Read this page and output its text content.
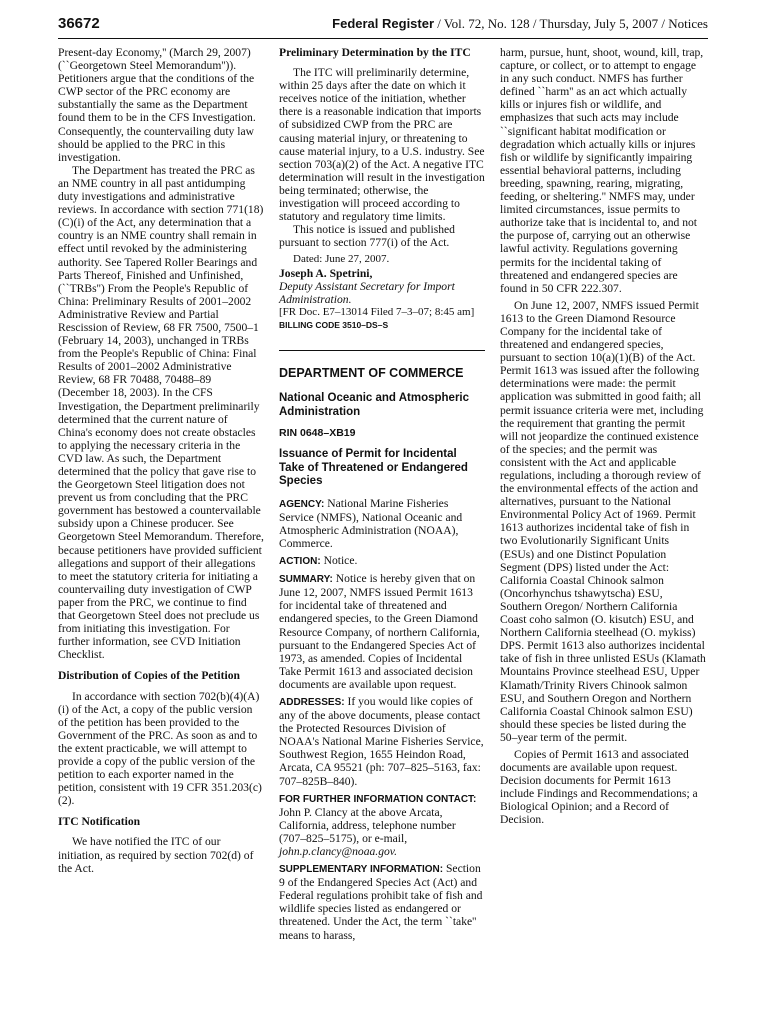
36672	Federal Register / Vol. 72, No. 128 / Thursday, July 5, 2007 / Notices

Present-day Economy,'' (March 29, 2007) (``Georgetown Steel Memorandum'')). Petitioners argue that the conditions of the CWP sector of the PRC economy are substantially the same as the Department found them to be in the CFS Investigation. Consequently, the countervailing duty law should be applied to the PRC in this investigation.

The Department has treated the PRC as an NME country in all past antidumping duty investigations and administrative reviews. In accordance with section 771(18)(C)(i) of the Act, any determination that a country is an NME country shall remain in effect until revoked by the administering authority. See Tapered Roller Bearings and Parts Thereof, Finished and Unfinished, (``TRBs'') From the People's Republic of China: Preliminary Results of 2001–2002 Administrative Review and Partial Rescission of Review, 68 FR 7500, 7500–1 (February 14, 2003), unchanged in TRBs from the People's Republic of China: Final Results of 2001–2002 Administrative Review, 68 FR 70488, 70488–89 (December 18, 2003). In the CFS Investigation, the Department preliminarily determined that the current nature of China's economy does not create obstacles to applying the necessary criteria in the CVD law. As such, the Department determined that the policy that gave rise to the Georgetown Steel litigation does not prevent us from concluding that the PRC government has bestowed a countervailable subsidy upon a Chinese producer. See Georgetown Steel Memorandum. Therefore, because petitioners have provided sufficient allegations and support of their allegations to meet the statutory criteria for initiating a countervailing duty investigation of CWP paper from the PRC, we continue to find that Georgetown Steel does not preclude us from initiating this investigation. For further information, see CVD Initiation Checklist.

Distribution of Copies of the Petition

In accordance with section 702(b)(4)(A)(i) of the Act, a copy of the public version of the petition has been provided to the Government of the PRC. As soon as and to the extent practicable, we will attempt to provide a copy of the public version of the petition to each exporter named in the petition, consistent with 19 CFR 351.203(c)(2).

ITC Notification

We have notified the ITC of our initiation, as required by section 702(d) of the Act.

Preliminary Determination by the ITC

The ITC will preliminarily determine, within 25 days after the date on which it receives notice of the initiation, whether there is a reasonable indication that imports of subsidized CWP from the PRC are causing material injury, or threatening to cause material injury, to a U.S. industry. See section 703(a)(2) of the Act. A negative ITC determination will result in the investigation being terminated; otherwise, the investigation will proceed according to statutory and regulatory time limits.

This notice is issued and published pursuant to section 777(i) of the Act.

Dated: June 27, 2007.

Joseph A. Spetrini,

Deputy Assistant Secretary for Import Administration.

[FR Doc. E7–13014 Filed 7–3–07; 8:45 am]

BILLING CODE 3510–DS–S

DEPARTMENT OF COMMERCE
National Oceanic and Atmospheric Administration
RIN 0648–XB19
Issuance of Permit for Incidental Take of Threatened or Endangered Species

AGENCY: National Marine Fisheries Service (NMFS), National Oceanic and Atmospheric Administration (NOAA), Commerce.

ACTION: Notice.

SUMMARY: Notice is hereby given that on June 12, 2007, NMFS issued Permit 1613 for incidental take of threatened and endangered species, to the Green Diamond Resource Company, of northern California, pursuant to the Endangered Species Act of 1973, as amended. Copies of Incidental Take Permit 1613 and associated decision documents are available upon request.

ADDRESSES: If you would like copies of any of the above documents, please contact the Protected Resources Division of NOAA's National Marine Fisheries Service, Southwest Region, 1655 Heindon Road, Arcata, CA 95521 (ph: 707–825–5163, fax: 707–825B–840).

FOR FURTHER INFORMATION CONTACT: John P. Clancy at the above Arcata, California, address, telephone number (707–825–5175), or e-mail, john.p.clancy@noaa.gov.

SUPPLEMENTARY INFORMATION: Section 9 of the Endangered Species Act (Act) and Federal regulations prohibit take of fish and wildlife species listed as endangered or threatened. Under the Act, the term ``take'' means to harass,

harm, pursue, hunt, shoot, wound, kill, trap, capture, or collect, or to attempt to engage in any such conduct. NMFS has further defined ``harm'' as an act which actually kills or injures fish or wildlife, and emphasizes that such acts may include ``significant habitat modification or degradation which actually kills or injures fish or wildlife by significantly impairing essential behavioral patterns, including breeding, spawning, rearing, migrating, feeding, or sheltering.'' NMFS may, under limited circumstances, issue permits to authorize take that is incidental to, and not the purpose of, carrying out an otherwise lawful activity. Regulations governing permits for the incidental taking of threatened and endangered species are found in 50 CFR 222.307.

On June 12, 2007, NMFS issued Permit 1613 to the Green Diamond Resource Company for the incidental take of threatened and endangered species, pursuant to section 10(a)(1)(B) of the Act. Permit 1613 was issued after the following determinations were made: the permit application was submitted in good faith; all permit issuance criteria were met, including the requirement that granting the permit will not jeopardize the continued existence of the species; and the permit was consistent with the Act and applicable regulations, including a thorough review of the environmental effects of the action and alternatives, pursuant to the National Environmental Policy Act of 1969. Permit 1613 authorizes incidental take of fish in two Evolutionarily Significant Units (ESUs) and one Distinct Population Segment (DPS) listed under the Act: California Coastal Chinook salmon (Oncorhynchus tshawytscha) ESU, Southern Oregon/ Northern California Coast coho salmon (O. kisutch) ESU, and Northern California steelhead (O. mykiss) DPS. Permit 1613 also authorizes incidental take of fish in three unlisted ESUs (Klamath Mountains Province steelhead ESU, Upper Klamath/Trinity Rivers Chinook salmon ESU, and Southern Oregon and Northern California Coastal Chinook salmon ESU) should these species be listed during the 50–year term of the permit.

Copies of Permit 1613 and associated documents are available upon request. Decision documents for Permit 1613 include Findings and Recommendations; a Biological Opinion; and a Record of Decision.
